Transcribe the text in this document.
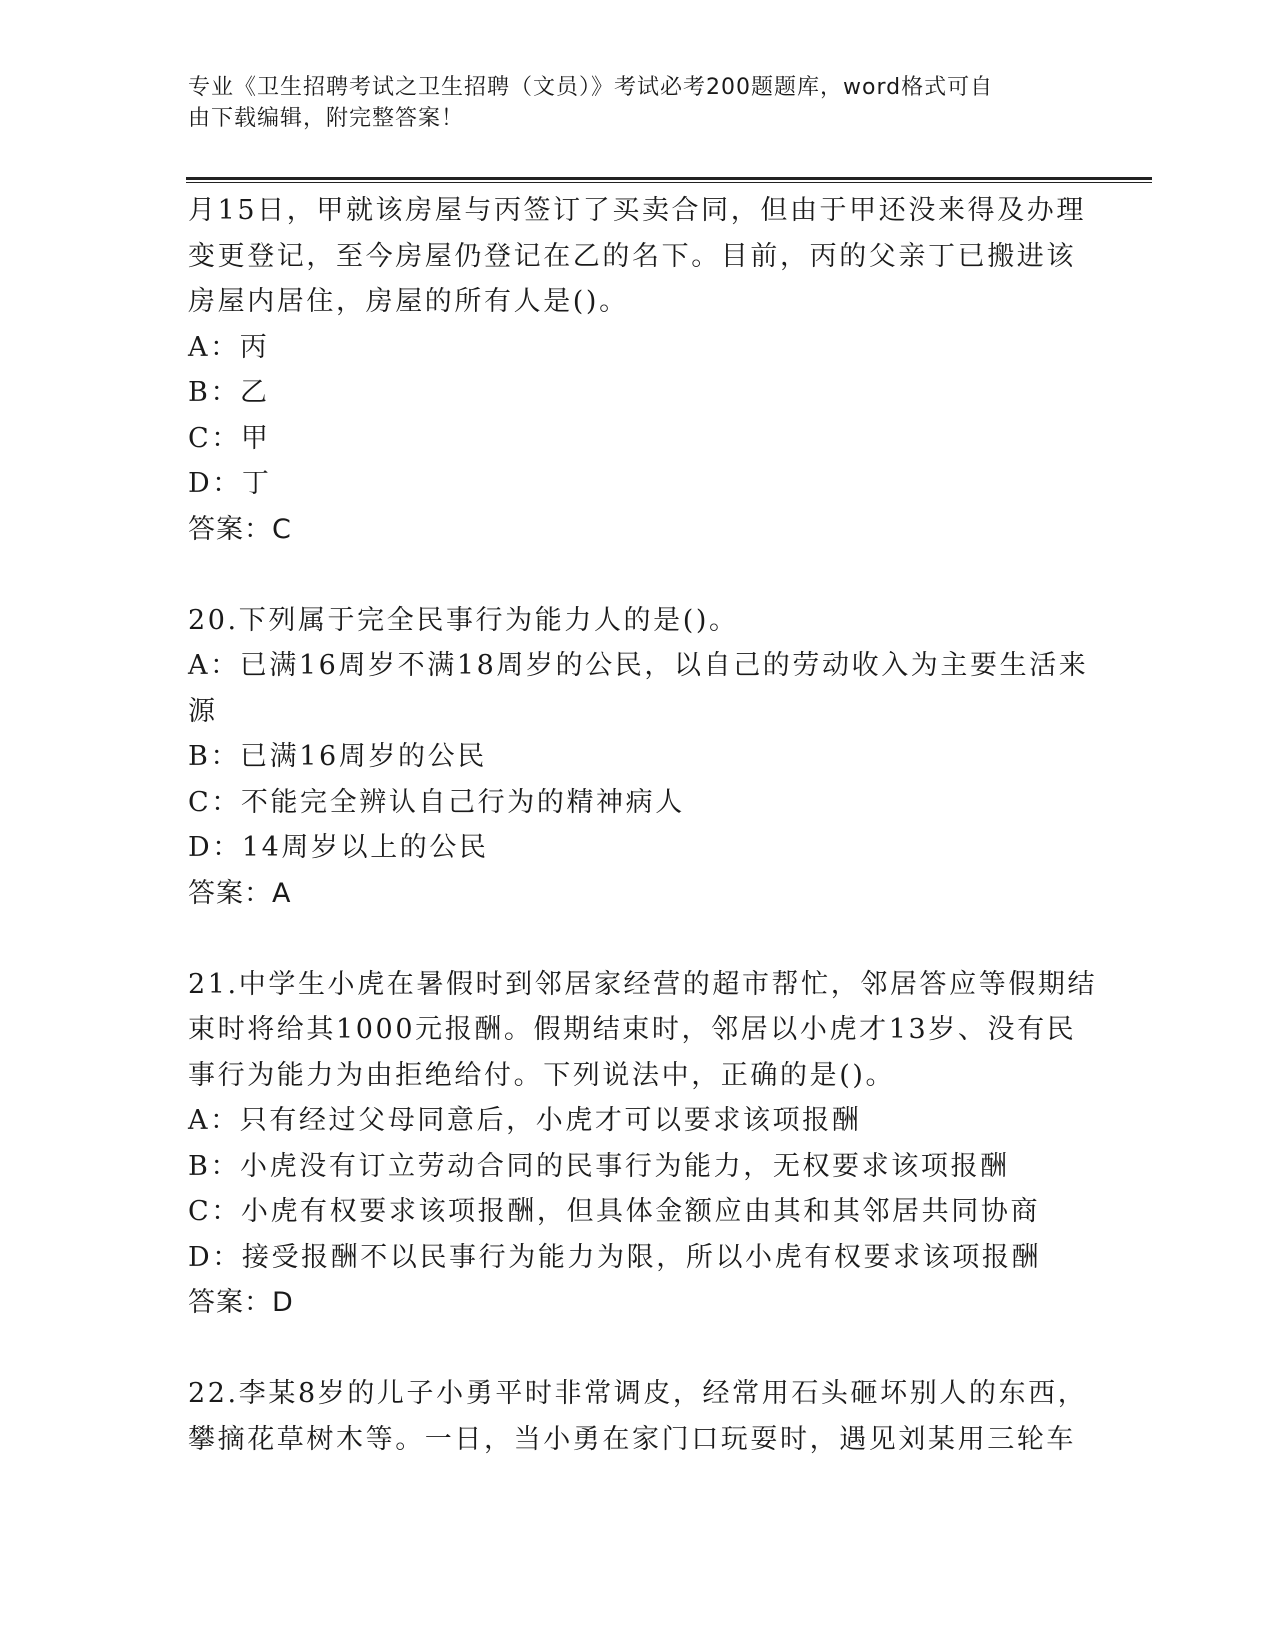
专业《卫生招聘考试之卫生招聘（文员）》考试必考200题题库，word格式可自
由下载编辑，附完整答案！
月15日，甲就该房屋与丙签订了买卖合同，但由于甲还没来得及办理
变更登记，至今房屋仍登记在乙的名下。目前，丙的父亲丁已搬进该
房屋内居住，房屋的所有人是()。
A：丙
B：乙
C：甲
D：丁
答案：C
20.下列属于完全民事行为能力人的是()。
A：已满16周岁不满18周岁的公民，以自己的劳动收入为主要生活来
源
B：已满16周岁的公民
C：不能完全辨认自己行为的精神病人
D：14周岁以上的公民
答案：A
21.中学生小虎在暑假时到邻居家经营的超市帮忙，邻居答应等假期结
束时将给其1000元报酬。假期结束时，邻居以小虎才13岁、没有民
事行为能力为由拒绝给付。下列说法中，正确的是()。
A：只有经过父母同意后，小虎才可以要求该项报酬
B：小虎没有订立劳动合同的民事行为能力，无权要求该项报酬
C：小虎有权要求该项报酬，但具体金额应由其和其邻居共同协商
D：接受报酬不以民事行为能力为限，所以小虎有权要求该项报酬
答案：D
22.李某8岁的儿子小勇平时非常调皮，经常用石头砸坏别人的东西，
攀摘花草树木等。一日，当小勇在家门口玩耍时，遇见刘某用三轮车
